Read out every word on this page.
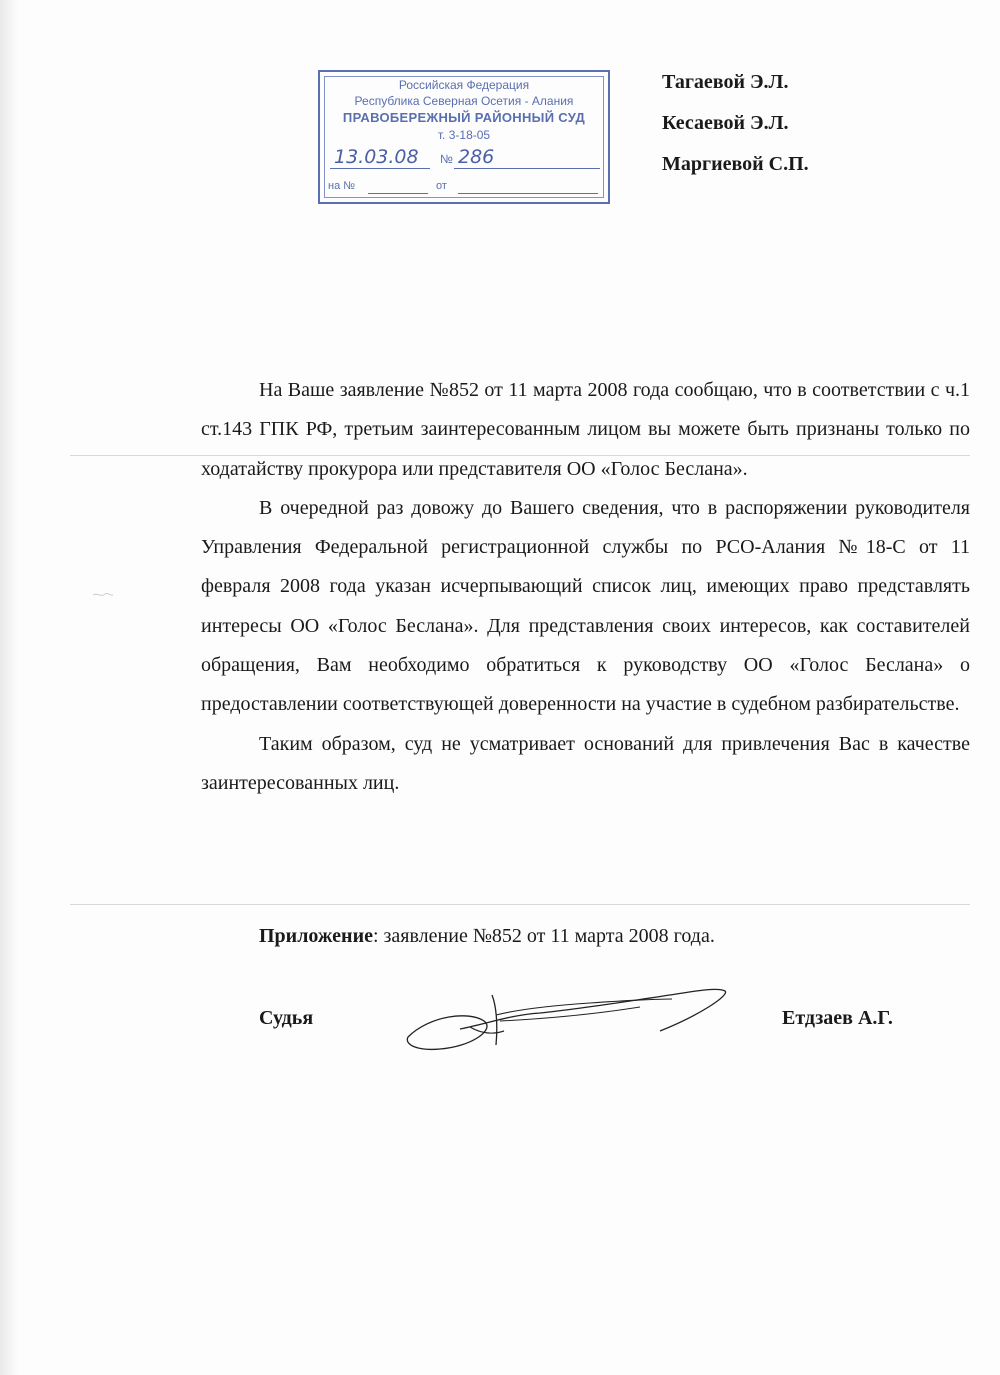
Российская Федерация
Республика Северная Осетия - Алания
ПРАВОБЕРЕЖНЫЙ РАЙОННЫЙ СУД
т. 3-18-05
13.03.08 № 286
на №	от
Тагаевой Э.Л.
Кесаевой Э.Л.
Маргиевой С.П.

На Ваше заявление №852 от 11 марта 2008 года сообщаю, что в соответствии с ч.1 ст.143 ГПК РФ, третьим заинтересованным лицом вы можете быть признаны только по ходатайству прокурора или представителя ОО «Голос Беслана».

В очередной раз довожу до Вашего сведения, что в распоряжении руководителя Управления Федеральной регистрационной службы по РСО-Алания №18-С от 11 февраля 2008 года указан исчерпывающий список лиц, имеющих право представлять интересы ОО «Голос Беслана». Для представления своих интересов, как составителей обращения, Вам необходимо обратиться к руководству ОО «Голос Беслана» о предоставлении соответствующей доверенности на участие в судебном разбирательстве.

Таким образом, суд не усматривает оснований для привлечения Вас в качестве заинтересованных лиц.

Приложение: заявление №852 от 11 марта 2008 года.
Судья	Етдзаев А.Г.
